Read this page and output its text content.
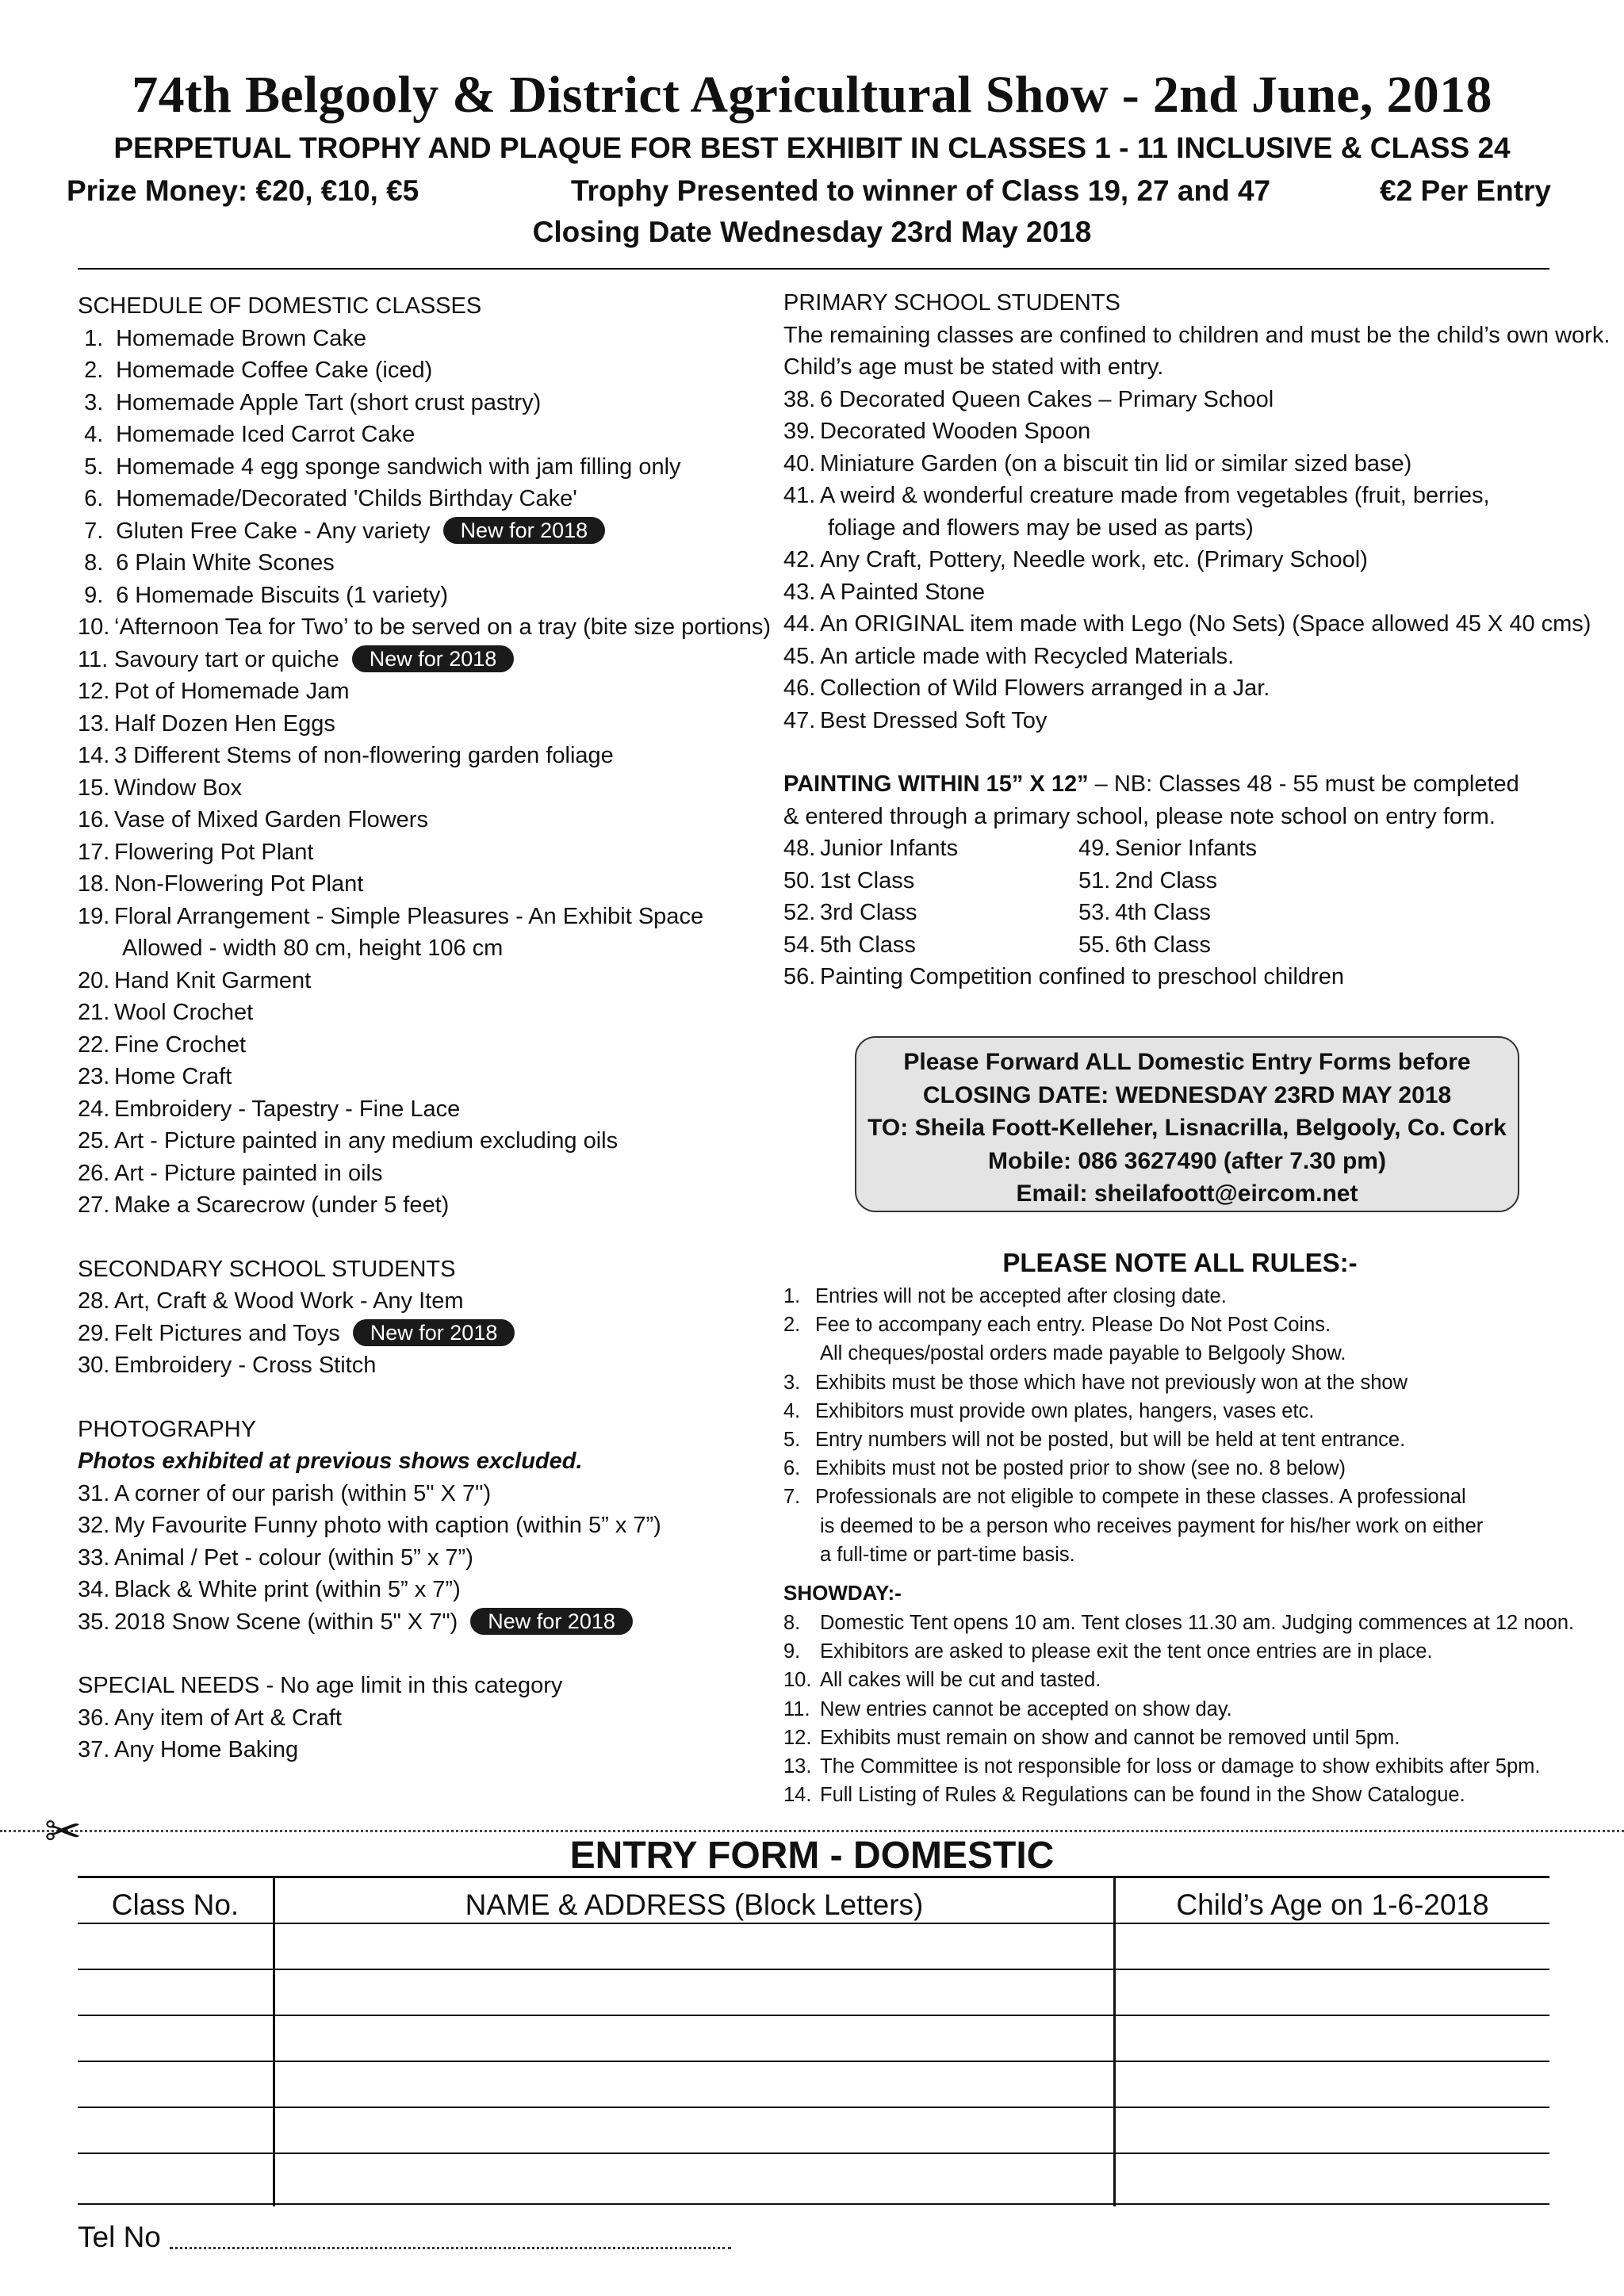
74th Belgooly & District Agricultural Show - 2nd June, 2018
PERPETUAL TROPHY AND PLAQUE FOR BEST EXHIBIT IN CLASSES 1 - 11 INCLUSIVE & CLASS 24
Prize Money: €20, €10, €5	Trophy Presented to winner of Class 19, 27 and 47	€2 Per Entry
Closing Date Wednesday 23rd May 2018
SCHEDULE OF DOMESTIC CLASSES
1. Homemade Brown Cake
2. Homemade Coffee Cake (iced)
3. Homemade Apple Tart (short crust pastry)
4. Homemade Iced Carrot Cake
5. Homemade 4 egg sponge sandwich with jam filling only
6. Homemade/Decorated 'Childs Birthday Cake'
7. Gluten Free Cake - Any variety New for 2018
8. 6 Plain White Scones
9. 6 Homemade Biscuits (1 variety)
10. ‘Afternoon Tea for Two’ to be served on a tray (bite size portions)
11. Savoury tart or quiche New for 2018
12. Pot of Homemade Jam
13. Half Dozen Hen Eggs
14. 3 Different Stems of non-flowering garden foliage
15. Window Box
16. Vase of Mixed Garden Flowers
17. Flowering Pot Plant
18. Non-Flowering Pot Plant
19. Floral Arrangement - Simple Pleasures - An Exhibit Space
Allowed - width 80 cm, height 106 cm
20. Hand Knit Garment
21. Wool Crochet
22. Fine Crochet
23. Home Craft
24. Embroidery - Tapestry - Fine Lace
25. Art - Picture painted in any medium excluding oils
26. Art - Picture painted in oils
27. Make a Scarecrow (under 5 feet)
SECONDARY SCHOOL STUDENTS
28. Art, Craft & Wood Work - Any Item
29. Felt Pictures and Toys New for 2018
30. Embroidery - Cross Stitch
PHOTOGRAPHY
Photos exhibited at previous shows excluded.
31. A corner of our parish (within 5" X 7")
32. My Favourite Funny photo with caption (within 5” x 7”)
33. Animal / Pet - colour (within 5” x 7”)
34. Black & White print (within 5” x 7”)
35. 2018 Snow Scene (within 5" X 7") New for 2018
SPECIAL NEEDS - No age limit in this category
36. Any item of Art & Craft
37. Any Home Baking
PRIMARY SCHOOL STUDENTS
The remaining classes are confined to children and must be the child’s own work.
Child’s age must be stated with entry.
38. 6 Decorated Queen Cakes – Primary School
39. Decorated Wooden Spoon
40. Miniature Garden (on a biscuit tin lid or similar sized base)
41. A weird & wonderful creature made from vegetables (fruit, berries,
foliage and flowers may be used as parts)
42. Any Craft, Pottery, Needle work, etc. (Primary School)
43. A Painted Stone
44. An ORIGINAL item made with Lego (No Sets) (Space allowed 45 X 40 cms)
45. An article made with Recycled Materials.
46. Collection of Wild Flowers arranged in a Jar.
47. Best Dressed Soft Toy
PAINTING WITHIN 15” X 12” – NB: Classes 48 - 55 must be completed
& entered through a primary school, please note school on entry form.
48. Junior Infants	49. Senior Infants
50. 1st Class	51. 2nd Class
52. 3rd Class	53. 4th Class
54. 5th Class	55. 6th Class
56. Painting Competition confined to preschool children
Please Forward ALL Domestic Entry Forms before
CLOSING DATE: WEDNESDAY 23RD MAY 2018
TO: Sheila Foott-Kelleher, Lisnacrilla, Belgooly, Co. Cork
Mobile: 086 3627490 (after 7.30 pm)
Email: sheilafoott@eircom.net
PLEASE NOTE ALL RULES:-
1. Entries will not be accepted after closing date.
2. Fee to accompany each entry. Please Do Not Post Coins.
All cheques/postal orders made payable to Belgooly Show.
3. Exhibits must be those which have not previously won at the show
4. Exhibitors must provide own plates, hangers, vases etc.
5. Entry numbers will not be posted, but will be held at tent entrance.
6. Exhibits must not be posted prior to show (see no. 8 below)
7. Professionals are not eligible to compete in these classes. A professional
is deemed to be a person who receives payment for his/her work on either
a full-time or part-time basis.
SHOWDAY:-
8. Domestic Tent opens 10 am. Tent closes 11.30 am. Judging commences at 12 noon.
9. Exhibitors are asked to please exit the tent once entries are in place.
10. All cakes will be cut and tasted.
11. New entries cannot be accepted on show day.
12. Exhibits must remain on show and cannot be removed until 5pm.
13. The Committee is not responsible for loss or damage to show exhibits after 5pm.
14. Full Listing of Rules & Regulations can be found in the Show Catalogue.
✂	ENTRY FORM - DOMESTIC
Class No.	NAME & ADDRESS (Block Letters)	Child’s Age on 1-6-2018
Tel No
